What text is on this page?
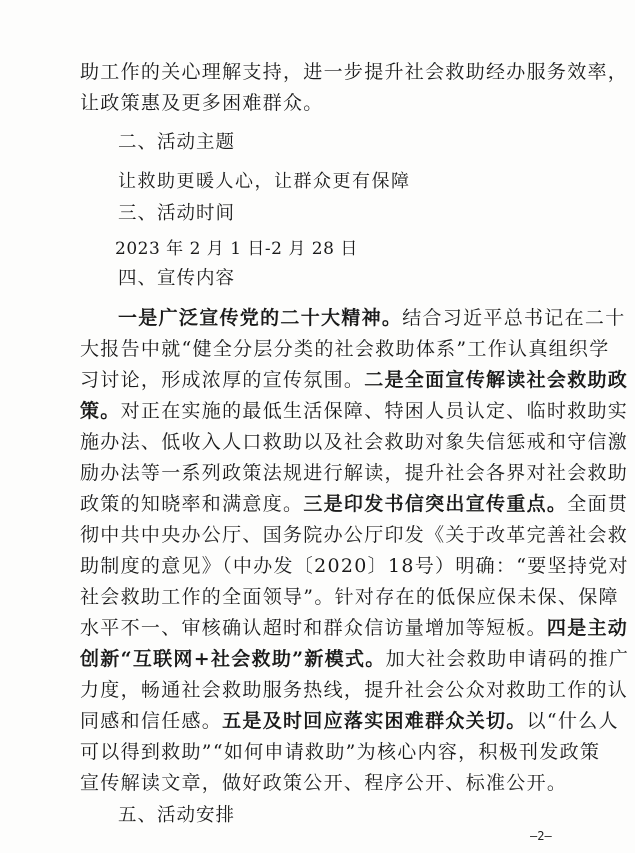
助工作的关心理解支持，进一步提升社会救助经办服务效率，
让政策惠及更多困难群众。
二、活动主题
让救助更暖人心，让群众更有保障
三、活动时间
2023 年 2 月 1 日-2 月 28 日
四、宣传内容
一是广泛宣传党的二十大精神。结合习近平总书记在二十
大报告中就“健全分层分类的社会救助体系”工作认真组织学
习讨论，形成浓厚的宣传氛围。二是全面宣传解读社会救助政
策。对正在实施的最低生活保障、特困人员认定、临时救助实
施办法、低收入人口救助以及社会救助对象失信惩戒和守信激
励办法等一系列政策法规进行解读，提升社会各界对社会救助
政策的知晓率和满意度。三是印发书信突出宣传重点。全面贯
彻中共中央办公厅、国务院办公厅印发《关于改革完善社会救
助制度的意见》（中办发〔2020〕18号）明确：“要坚持党对
社会救助工作的全面领导”。针对存在的低保应保未保、保障
水平不一、审核确认超时和群众信访量增加等短板。四是主动
创新“互联网+社会救助”新模式。加大社会救助申请码的推广
力度，畅通社会救助服务热线，提升社会公众对救助工作的认
同感和信任感。五是及时回应落实困难群众关切。以“什么人
可以得到救助”“如何申请救助”为核心内容，积极刊发政策
宣传解读文章，做好政策公开、程序公开、标准公开。
五、活动安排
—2—
